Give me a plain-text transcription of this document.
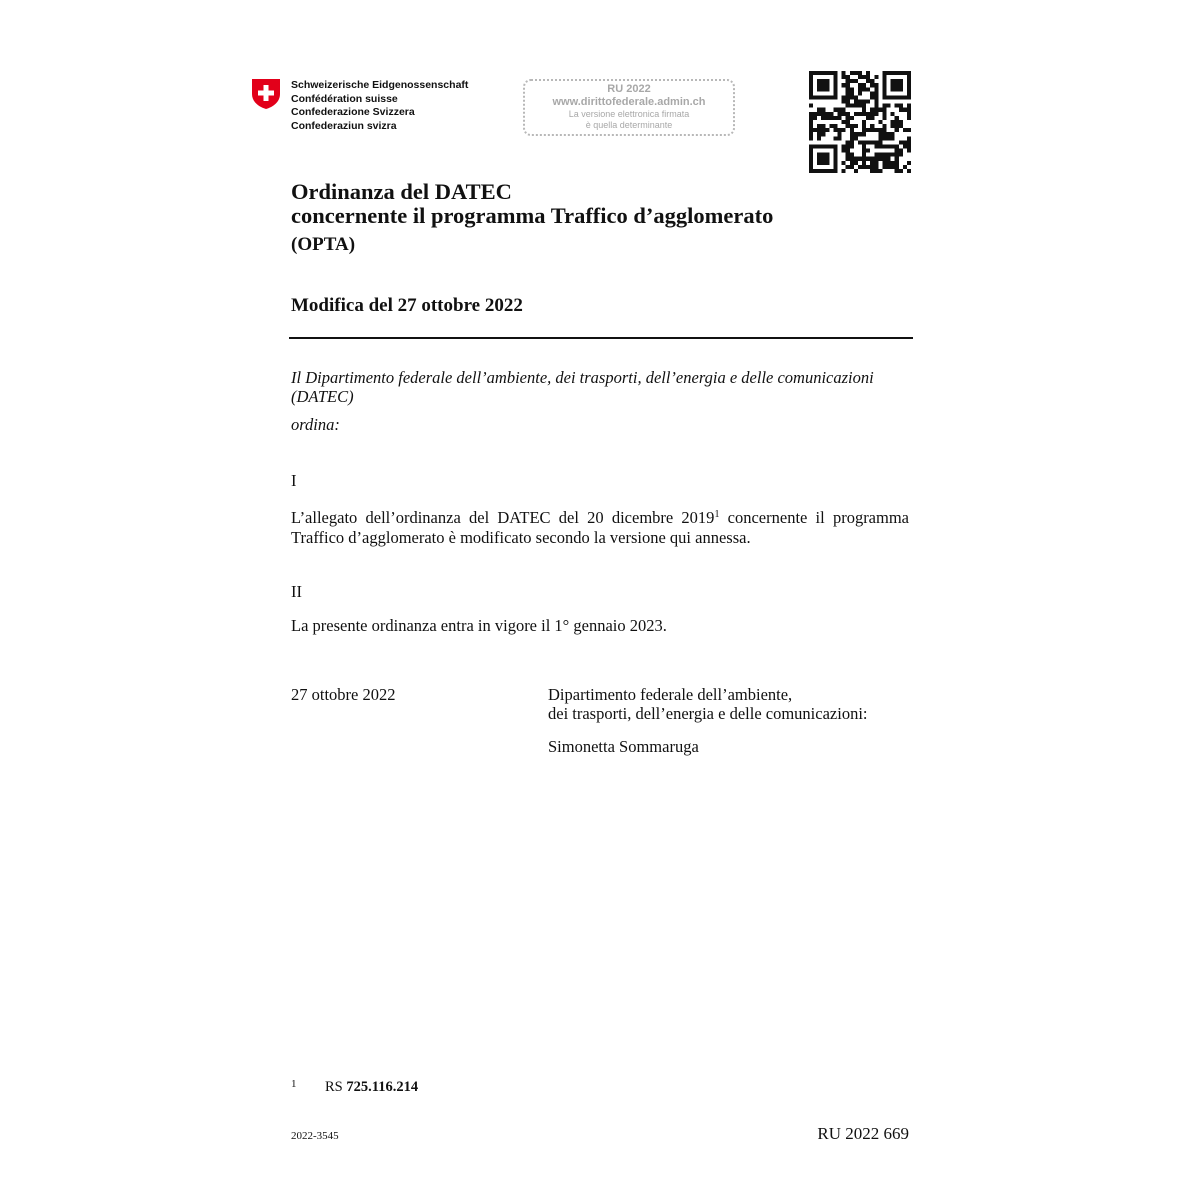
Schweizerische Eidgenossenschaft
Confédération suisse
Confederazione Svizzera
Confederaziun svizra
RU 2022
www.dirittofederale.admin.ch
La versione elettronica firmata
è quella determinante
Ordinanza del DATEC
concernente il programma Traffico d’agglomerato
(OPTA)
Modifica del 27 ottobre 2022
Il Dipartimento federale dell’ambiente, dei trasporti, dell’energia e delle comunicazioni (DATEC)
ordina:
I
L’allegato dell’ordinanza del DATEC del 20 dicembre 2019$^1$ concernente il programma Traffico d’agglomerato è modificato secondo la versione qui annessa.
II
La presente ordinanza entra in vigore il 1° gennaio 2023.
27 ottobre 2022	Dipartimento federale dell’ambiente,
dei trasporti, dell’energia e delle comunicazioni:
Simonetta Sommaruga
1 RS 725.116.214
2022-3545	RU 2022 669
